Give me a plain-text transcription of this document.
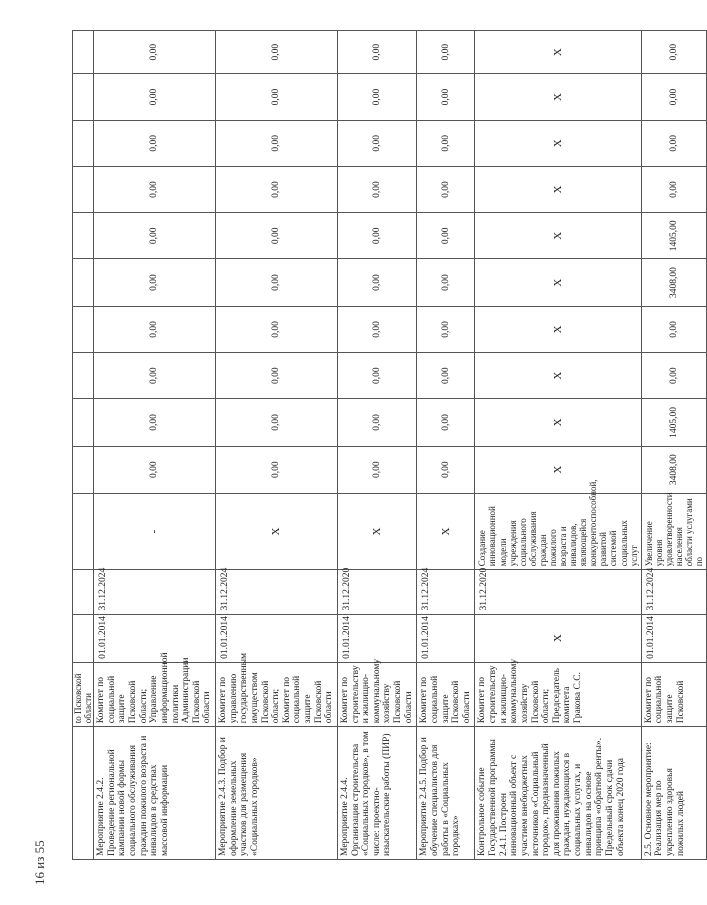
16 из 55
	to Псковской области													
Мероприятие 2.4.2. Проведение региональной кампании новой формы социального обслуживания граждин пожилого возраста и инвалидов в средствах массовой информации	Комитет по социальной защите Псковской области; Управление информационной политики Администрации Псковской области	01.01.2014	31.12.2024	-	0,00	0,00	0,00	0,00	0,00	0,00	0,00	0,00	0,00	0,00
Мероприятие 2.4.3. Подбор и оформление земельных участков для размещения «Социальных городков»	Комитет по управлению государственным имуществом Псковской области; Комитет по социальной защите Псковской области	01.01.2014	31.12.2024	X	0,00	0,00	0,00	0,00	0,00	0,00	0,00	0,00	0,00	0,00
Мероприятие 2.4.4. Организация строительства «Социальных городков», в том числе: проектно-изыскательские работы (ПИР)	Комитет по строительству и жилищно-коммунальному хозяйству Псковской области	01.01.2014	31.12.2020	X	0,00	0,00	0,00	0,00	0,00	0,00	0,00	0,00	0,00	0,00
Мероприятие 2.4.5. Подбор и обучение специалистов для работы в «Социальных городках»	Комитет по социальной защите Псковской области	01.01.2014	31.12.2024	X	0,00	0,00	0,00	0,00	0,00	0,00	0,00	0,00	0,00	0,00
Контрольное событие Государственной программы 2.4.1. Построен инновационный объект с участием внебюджетных источников «Социальный городок», предназначенный для проживания пожилых граждан, нуждающихся в социальных услугах, и инвалидов на основе принципа «обратной ренты». Предельный срок сдачи объекта конец 2020 года	Комитет по строительству и жилищно-коммунальному хозяйству Псковской области; Председатель комитета Гракова С.С.	X	31.12.2020	Создание инновационной модели учреждения социального обслуживания граждан пожилого возраста и инвалидов, являющейся конкурентоспособной, развитой системой социальных услуг	X	X	X	X	X	X	X	X	X	X
2.5. Основное мероприятие: Реализация мер по укреплению здоровья пожилых людей	Комитет по социальной защите Псковской	01.01.2014	31.12.2024	Увеличение уровня удовлетворенности населения области услугами по	3408,00	1405,00	0,00	0,00	3408,00	1405,00	0,00	0,00	0,00	0,00
